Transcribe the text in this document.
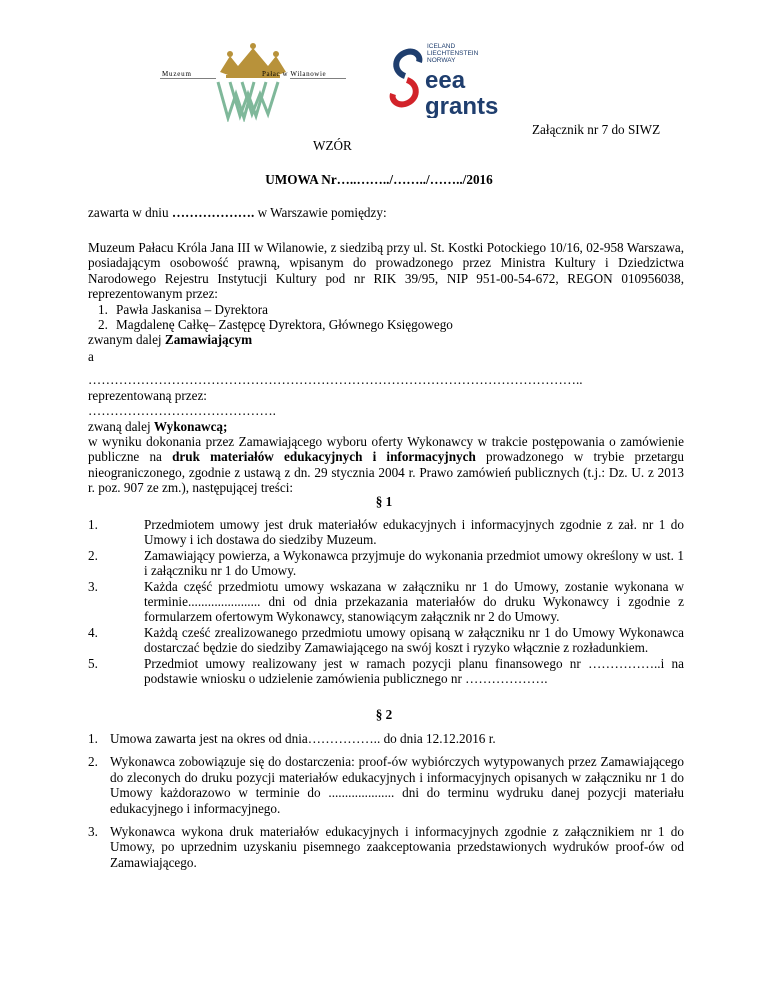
Muzeum	Pałac w Wilanowie
ICELAND
LIECHTENSTEIN
NORWAY
eea
grants
Załącznik nr 7 do SIWZ
WZÓR
UMOWA Nr…..……../……../……../2016

zawarta w dniu ………………. w Warszawie pomiędzy:

Muzeum Pałacu Króla Jana III w Wilanowie, z siedzibą przy ul. St. Kostki Potockiego 10/16, 02-958 Warszawa, posiadającym osobowość prawną, wpisanym do prowadzonego przez Ministra Kultury i Dziedzictwa Narodowego Rejestru Instytucji Kultury pod nr RIK 39/95, NIP 951-00-54-672, REGON 010956038, reprezentowanym przez:

1. Pawła Jaskanisa – Dyrektora
2. Magdalenę Całkę– Zastępcę Dyrektora, Głównego Księgowego

zwanym dalej Zamawiającym

a

…………………………………………………………………………………………………..

reprezentowaną przez:

…………………………………….

zwaną dalej Wykonawcą;

w wyniku dokonania przez Zamawiającego wyboru oferty Wykonawcy w trakcie postępowania o zamówienie publiczne na druk materiałów edukacyjnych i informacyjnych prowadzonego w trybie przetargu nieograniczonego, zgodnie z ustawą z dn. 29 stycznia 2004 r. Prawo zamówień publicznych (t.j.: Dz. U. z 2013 r. poz. 907 ze zm.), następującej treści:

§ 1
1.	Przedmiotem umowy jest druk materiałów edukacyjnych i informacyjnych zgodnie z zał. nr 1 do Umowy i ich dostawa do siedziby Muzeum.
2.	Zamawiający powierza, a Wykonawca przyjmuje do wykonania przedmiot umowy określony w ust. 1 i załączniku nr 1 do Umowy.
3.	Każda część przedmiotu umowy wskazana w załączniku nr 1 do Umowy, zostanie wykonana w terminie...................... dni od dnia przekazania materiałów do druku Wykonawcy i zgodnie z formularzem ofertowym Wykonawcy, stanowiącym załącznik nr 2 do Umowy.
4.	Każdą cześć zrealizowanego przedmiotu umowy opisaną w załączniku nr 1 do Umowy Wykonawca dostarczać będzie do siedziby Zamawiającego na swój koszt i ryzyko włącznie z rozładunkiem.
5.	Przedmiot umowy realizowany jest w ramach pozycji planu finansowego nr ……………..i na podstawie wniosku o udzielenie zamówienia publicznego nr ……………….
§ 2
1. Umowa zawarta jest na okres od dnia…………….. do dnia 12.12.2016 r.
2. Wykonawca zobowiązuje się do dostarczenia: proof-ów wybiórczych wytypowanych przez Zamawiającego do zleconych do druku pozycji materiałów edukacyjnych i informacyjnych opisanych w załączniku nr 1 do Umowy każdorazowo w terminie do .................... dni do terminu wydruku danej pozycji materiału edukacyjnego i informacyjnego.
3. Wykonawca wykona druk materiałów edukacyjnych i informacyjnych zgodnie z załącznikiem nr 1 do Umowy, po uprzednim uzyskaniu pisemnego zaakceptowania przedstawionych wydruków proof-ów od Zamawiającego.
